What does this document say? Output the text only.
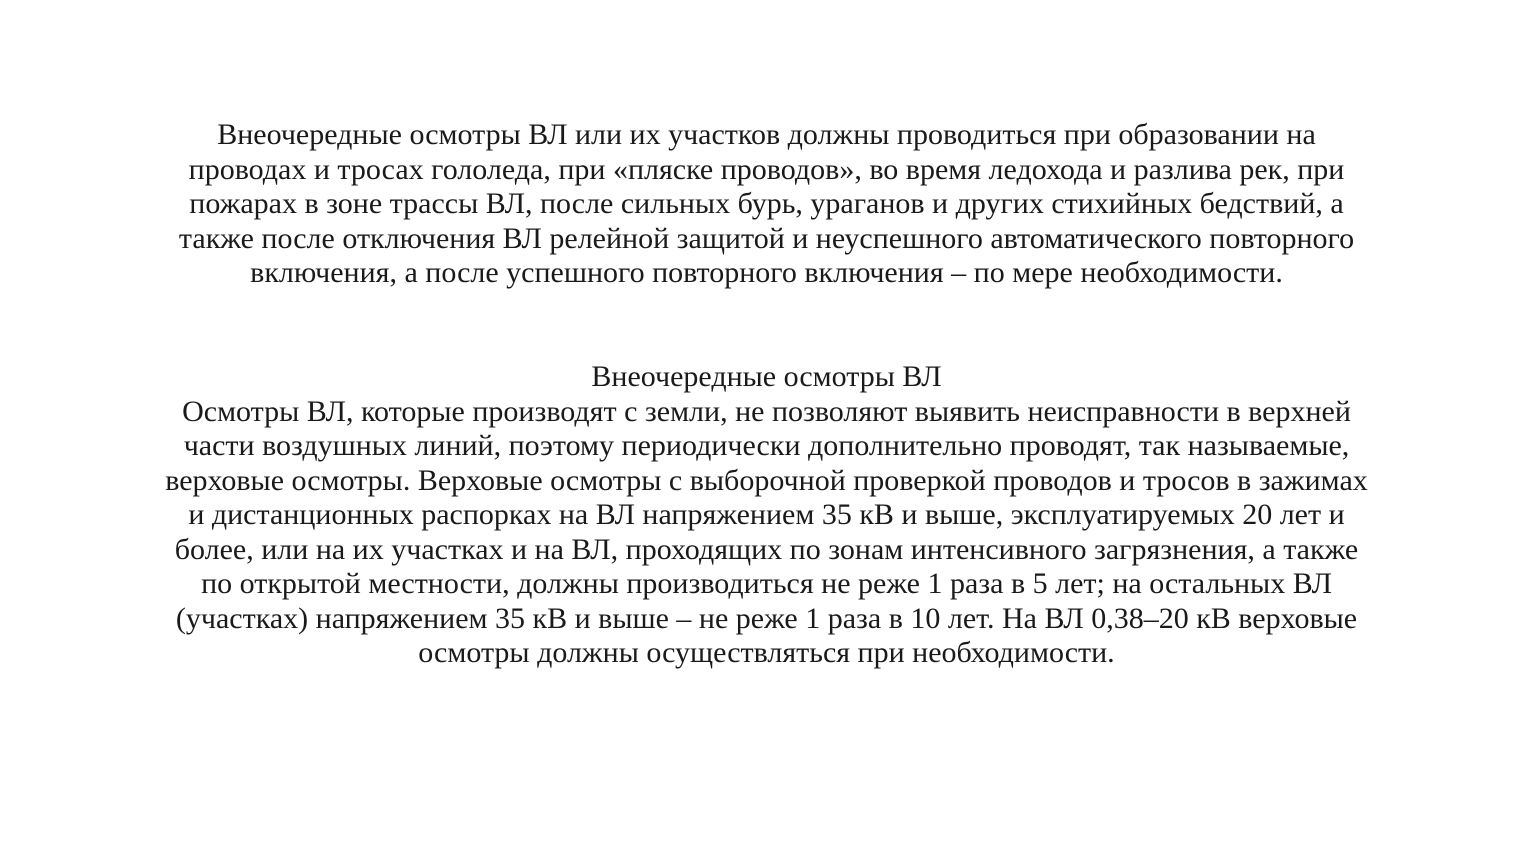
Внеочередные осмотры ВЛ или их участков должны проводиться при образовании на

проводах и тросах гололеда, при «пляске проводов», во время ледохода и разлива рек, при

пожарах в зоне трассы ВЛ, после сильных бурь, ураганов и других стихийных бедствий, а

также после отключения ВЛ релейной защитой и неуспешного автоматического повторного

включения, а после успешного повторного включения – по мере необходимости.

Внеочередные осмотры ВЛ

Осмотры ВЛ, которые производят с земли, не позволяют выявить неисправности в верхней

части воздушных линий, поэтому периодически дополнительно проводят, так называемые,

верховые осмотры. Верховые осмотры с выборочной проверкой проводов и тросов в зажимах

и дистанционных распорках на ВЛ напряжением 35 кВ и выше, эксплуатируемых 20 лет и

более, или на их участках и на ВЛ, проходящих по зонам интенсивного загрязнения, а также

по открытой местности, должны производиться не реже 1 раза в 5 лет; на остальных ВЛ

(участках) напряжением 35 кВ и выше – не реже 1 раза в 10 лет. На ВЛ 0,38–20 кВ верховые

осмотры должны осуществляться при необходимости.
